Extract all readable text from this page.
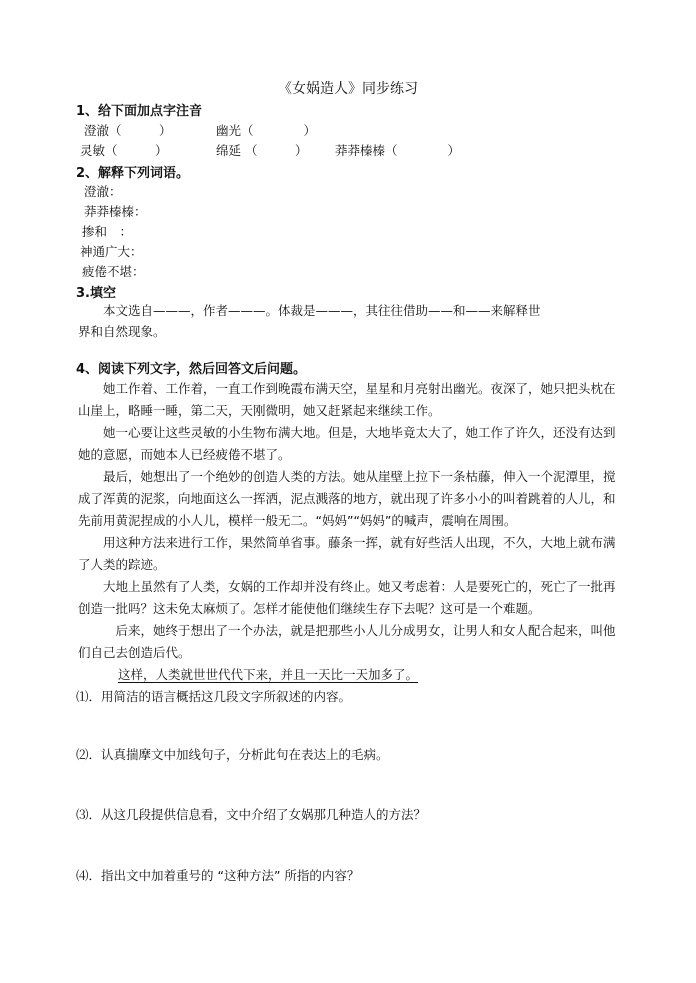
《女娲造人》同步练习
1、给下面加点字注音
澄澈（　　　）	幽光（　　　　）
灵敏（　　　）	绵延 （　　　） 莽莽榛榛（　　　　）
2、解释下列词语。
澄澈：
莽莽榛榛：
掺和　：
神通广大：
疲倦不堪：
3.填空
　　本文选自———，作者———。体裁是———，其往往借助——和——来解释世
界和自然现象。
4、阅读下列文字，然后回答文后问题。
　　她工作着、工作着，一直工作到晚霞布满天空，星星和月亮射出幽光。夜深了，她只把头枕在
山崖上，略睡一睡，第二天，天刚微明，她又赶紧起来继续工作。
　　她一心要让这些灵敏的小生物布满大地。但是，大地毕竟太大了，她工作了许久，还没有达到
她的意愿，而她本人已经疲倦不堪了。
　　最后，她想出了一个绝妙的创造人类的方法。她从崖壁上拉下一条枯藤，伸入一个泥潭里，搅
成了浑黄的泥浆，向地面这么一挥洒，泥点溅落的地方，就出现了许多小小的叫着跳着的人儿，和
先前用黄泥捏成的小人儿，模样一般无二。“妈妈”“妈妈”的喊声，震响在周围。
　　用这种方法来进行工作，果然简单省事。藤条一挥，就有好些活人出现，不久，大地上就布满
了人类的踪迹。
　　大地上虽然有了人类，女娲的工作却并没有终止。她又考虑着：人是要死亡的，死亡了一批再
创造一批吗？这未免太麻烦了。怎样才能使他们继续生存下去呢？这可是一个难题。
　　　后来，她终于想出了一个办法，就是把那些小人儿分成男女，让男人和女人配合起来，叫他
们自己去创造后代。
这样，人类就世世代代下来，并且一天比一天加多了。
⑴．用简洁的语言概括这几段文字所叙述的内容。
⑵．认真揣摩文中加线句子，分析此句在表达上的毛病。
⑶．从这几段提供信息看，文中介绍了女娲那几种造人的方法？
⑷．指出文中加着重号的 “这种方法” 所指的内容？
